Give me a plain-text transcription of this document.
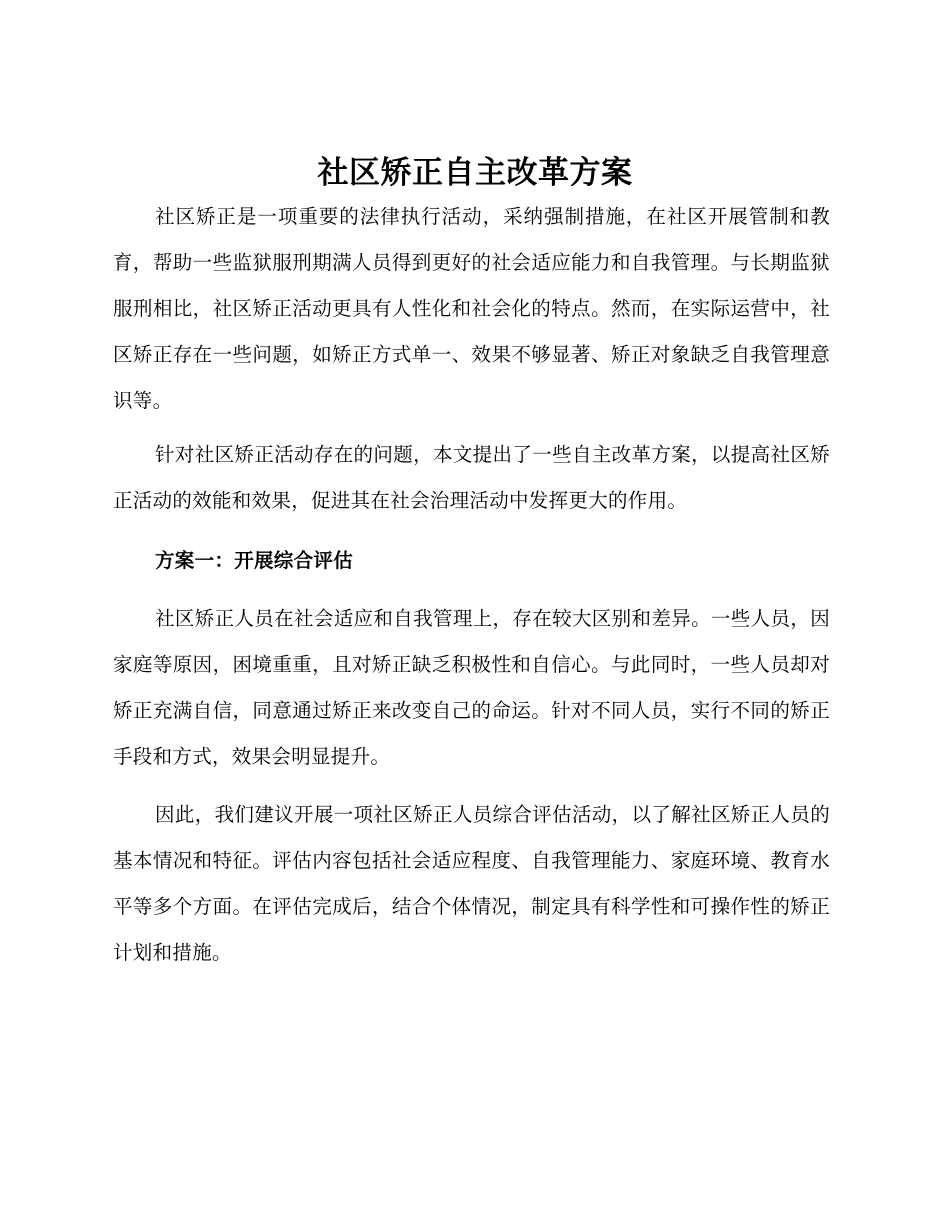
社区矫正自主改革方案

社区矫正是一项重要的法律执行活动，采纳强制措施，在社区开展管制和教育，帮助一些监狱服刑期满人员得到更好的社会适应能力和自我管理。与长期监狱服刑相比，社区矫正活动更具有人性化和社会化的特点。然而，在实际运营中，社区矫正存在一些问题，如矫正方式单一、效果不够显著、矫正对象缺乏自我管理意识等。

针对社区矫正活动存在的问题，本文提出了一些自主改革方案，以提高社区矫正活动的效能和效果，促进其在社会治理活动中发挥更大的作用。

方案一：开展综合评估

社区矫正人员在社会适应和自我管理上，存在较大区别和差异。一些人员，因家庭等原因，困境重重，且对矫正缺乏积极性和自信心。与此同时，一些人员却对矫正充满自信，同意通过矫正来改变自己的命运。针对不同人员，实行不同的矫正手段和方式，效果会明显提升。

因此，我们建议开展一项社区矫正人员综合评估活动，以了解社区矫正人员的基本情况和特征。评估内容包括社会适应程度、自我管理能力、家庭环境、教育水平等多个方面。在评估完成后，结合个体情况，制定具有科学性和可操作性的矫正计划和措施。
